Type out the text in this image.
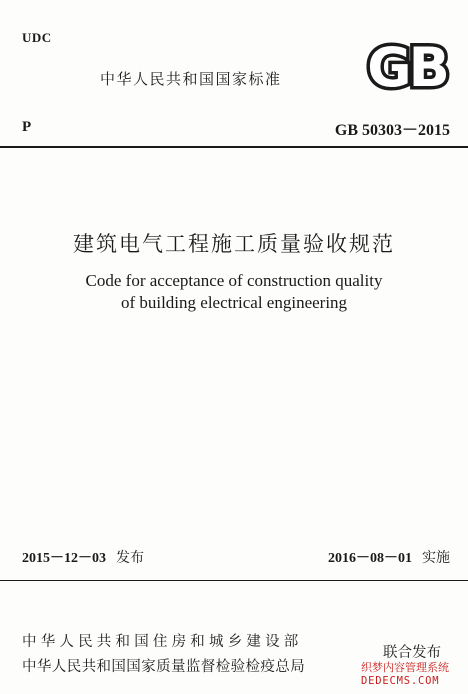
UDC
中华人民共和国国家标准 GB
P	GB 50303－2015
建筑电气工程施工质量验收规范
Code for acceptance of construction quality
of building electrical engineering
2015－12－03 发布	2016－08－01 实施
中华人民共和国住房和城乡建设部
中华人民共和国国家质量监督检验检疫总局
联合发布
织梦内容管理系统
DEDECMS.COM
